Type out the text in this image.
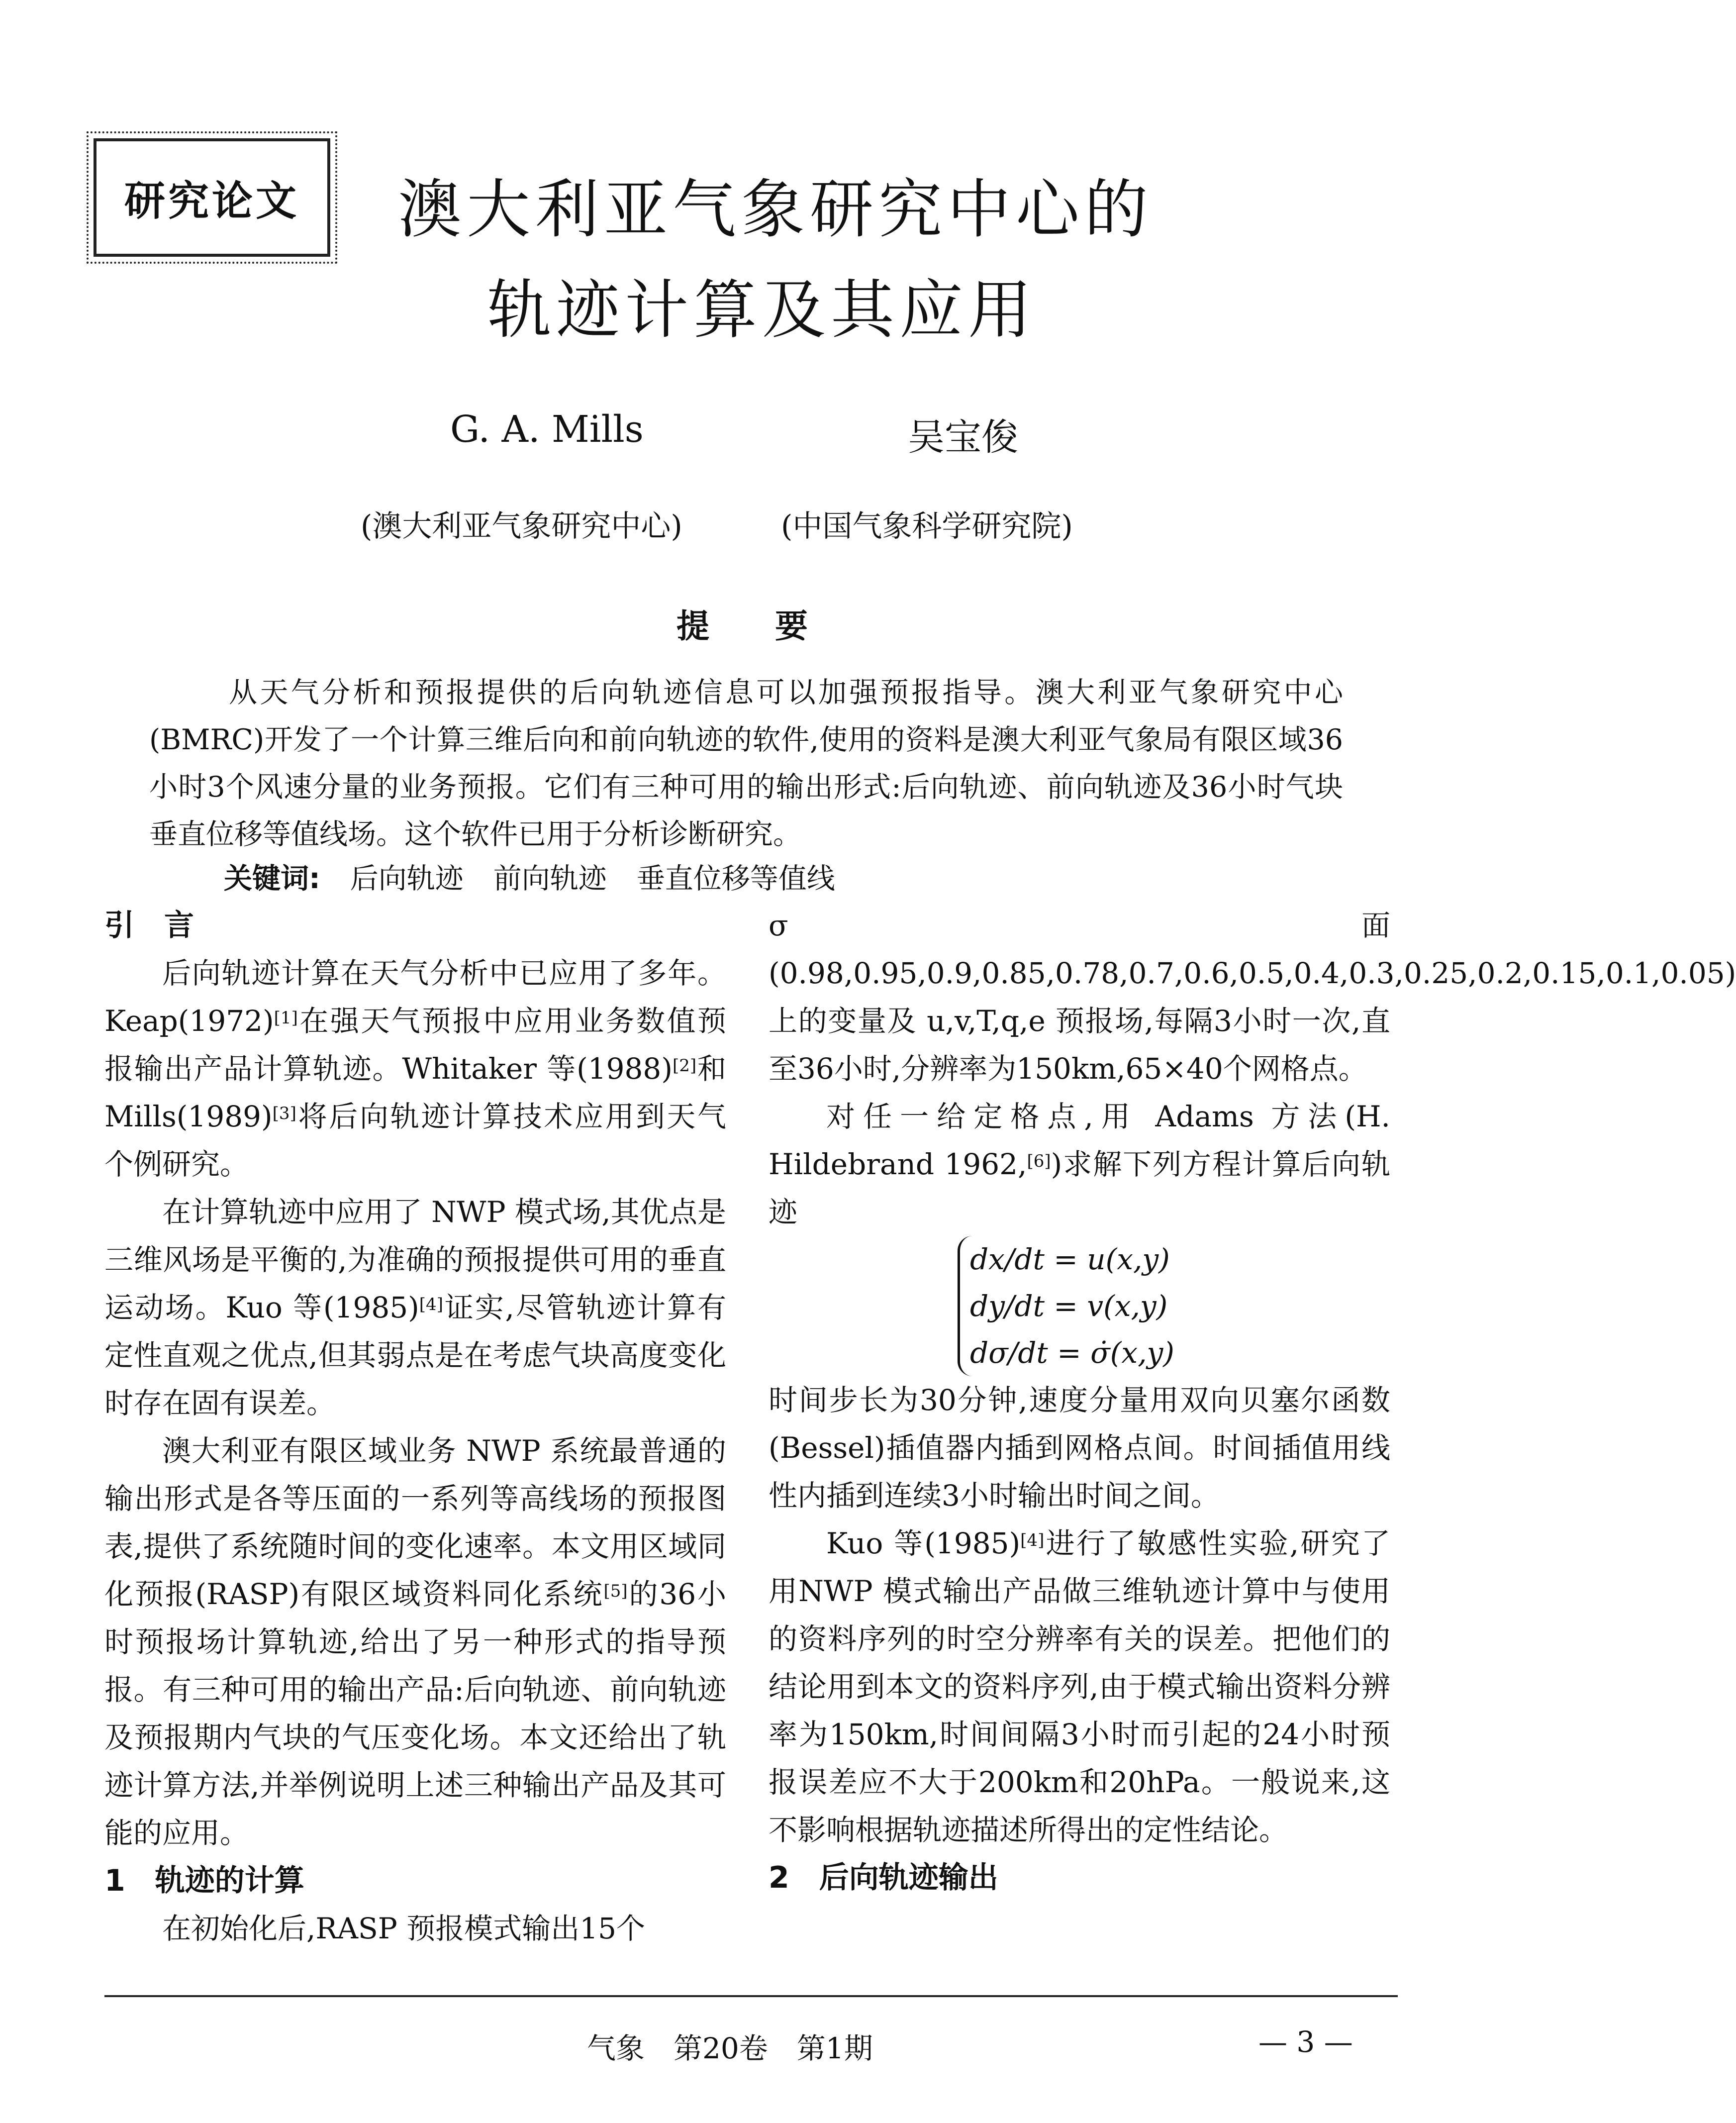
研究论文	澳大利亚气象研究中心的
轨迹计算及其应用
G. A. Mills	吴宝俊
(澳大利亚气象研究中心)	(中国气象科学研究院)
提　　要
从天气分析和预报提供的后向轨迹信息可以加强预报指导。澳大利亚气象研究中心(BMRC)开发了一个计算三维后向和前向轨迹的软件,使用的资料是澳大利亚气象局有限区域36小时3个风速分量的业务预报。它们有三种可用的输出形式:后向轨迹、前向轨迹及36小时气块垂直位移等值线场。这个软件已用于分析诊断研究。
关键词: 后向轨迹 前向轨迹 垂直位移等值线
引　言

后向轨迹计算在天气分析中已应用了多年。Keap(1972)[1]在强天气预报中应用业务数值预报输出产品计算轨迹。Whitaker 等(1988)[2]和 Mills(1989)[3]将后向轨迹计算技术应用到天气个例研究。

在计算轨迹中应用了 NWP 模式场,其优点是三维风场是平衡的,为准确的预报提供可用的垂直运动场。Kuo 等(1985)[4]证实,尽管轨迹计算有定性直观之优点,但其弱点是在考虑气块高度变化时存在固有误差。

澳大利亚有限区域业务 NWP 系统最普通的输出形式是各等压面的一系列等高线场的预报图表,提供了系统随时间的变化速率。本文用区域同化预报(RASP)有限区域资料同化系统[5]的36小时预报场计算轨迹,给出了另一种形式的指导预报。有三种可用的输出产品:后向轨迹、前向轨迹及预报期内气块的气压变化场。本文还给出了轨迹计算方法,并举例说明上述三种输出产品及其可能的应用。

1　轨迹的计算

在初始化后,RASP 预报模式输出15个

σ 面(0.98,0.95,0.9,0.85,0.78,0.7,0.6,0.5,0.4,0.3,0.25,0.2,0.15,0.1,0.05)上的变量及 u,v,T,q,e 预报场,每隔3小时一次,直至36小时,分辨率为150km,65×40个网格点。

对任一给定格点,用 Adams 方法(H. Hildebrand 1962,[6])求解下列方程计算后向轨迹

dx/dt = u(x,y)
dy/dt = v(x,y)
dσ/dt = σ̇(x,y)

时间步长为30分钟,速度分量用双向贝塞尔函数(Bessel)插值器内插到网格点间。时间插值用线性内插到连续3小时输出时间之间。

Kuo 等(1985)[4]进行了敏感性实验,研究了用NWP 模式输出产品做三维轨迹计算中与使用的资料序列的时空分辨率有关的误差。把他们的结论用到本文的资料序列,由于模式输出资料分辨率为150km,时间间隔3小时而引起的24小时预报误差应不大于200km和20hPa。一般说来,这不影响根据轨迹描述所得出的定性结论。

2　后向轨迹输出
气象　第20卷　第1期	— 3 —
